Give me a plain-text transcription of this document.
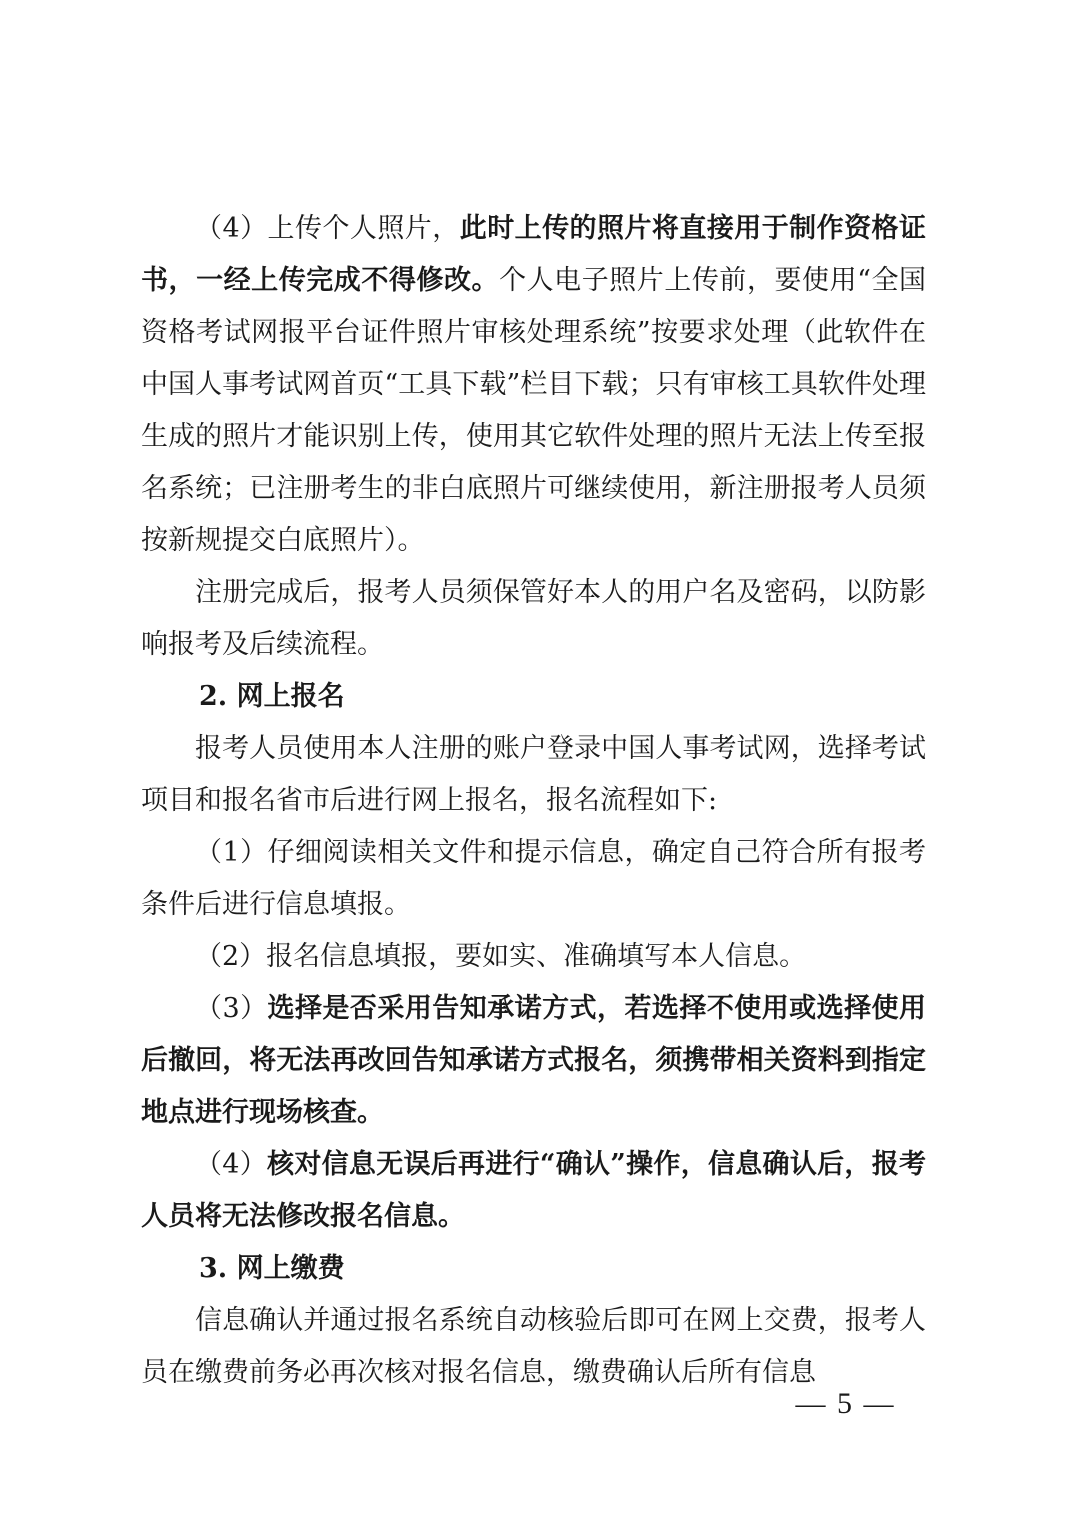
（4）上传个人照片，此时上传的照片将直接用于制作资格证书，一经上传完成不得修改。个人电子照片上传前，要使用“全国资格考试网报平台证件照片审核处理系统”按要求处理（此软件在中国人事考试网首页“工具下载”栏目下载；只有审核工具软件处理生成的照片才能识别上传，使用其它软件处理的照片无法上传至报名系统；已注册考生的非白底照片可继续使用，新注册报考人员须按新规提交白底照片）。

注册完成后，报考人员须保管好本人的用户名及密码，以防影响报考及后续流程。

2. 网上报名

报考人员使用本人注册的账户登录中国人事考试网，选择考试项目和报名省市后进行网上报名，报名流程如下:

（1）仔细阅读相关文件和提示信息，确定自己符合所有报考条件后进行信息填报。

（2）报名信息填报，要如实、准确填写本人信息。

（3）选择是否采用告知承诺方式，若选择不使用或选择使用后撤回，将无法再改回告知承诺方式报名，须携带相关资料到指定地点进行现场核查。

（4）核对信息无误后再进行“确认”操作，信息确认后，报考人员将无法修改报名信息。

3. 网上缴费

信息确认并通过报名系统自动核验后即可在网上交费，报考人员在缴费前务必再次核对报名信息，缴费确认后所有信息

— 5 —
